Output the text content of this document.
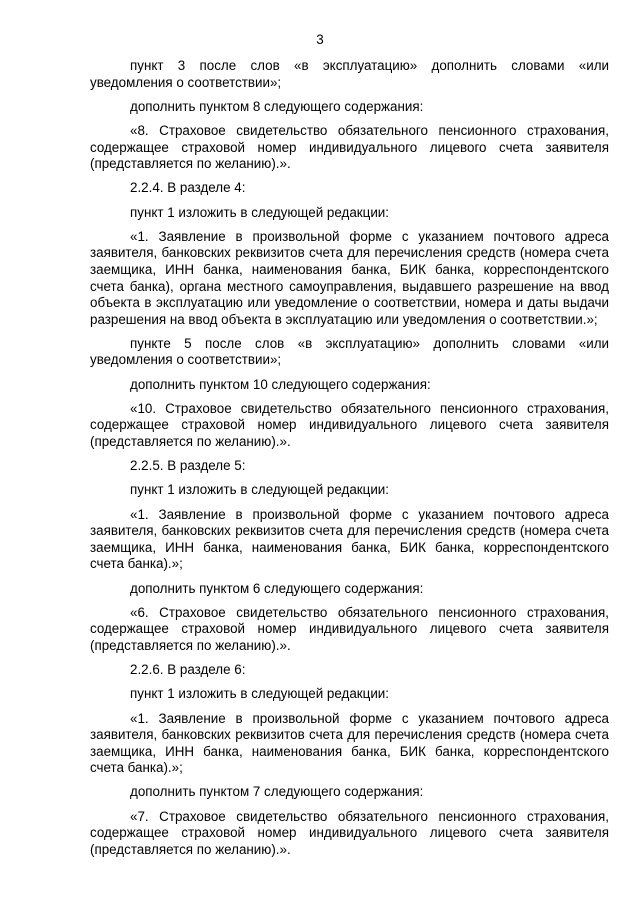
3

пункт 3 после слов «в эксплуатацию» дополнить словами «или уведомления о соответствии»;

дополнить пунктом 8 следующего содержания:

«8. Страховое свидетельство обязательного пенсионного страхования, содержащее страховой номер индивидуального лицевого счета заявителя (представляется по желанию).».

2.2.4. В разделе 4:

пункт 1 изложить в следующей редакции:

«1. Заявление в произвольной форме с указанием почтового адреса заявителя, банковских реквизитов счета для перечисления средств (номера счета заемщика, ИНН банка, наименования банка, БИК банка, корреспондентского счета банка), органа местного самоуправления, выдавшего разрешение на ввод объекта в эксплуатацию или уведомление о соответствии, номера и даты выдачи разрешения на ввод объекта в эксплуатацию или уведомления о соответствии.»;

пункте 5 после слов «в эксплуатацию» дополнить словами «или уведомления о соответствии»;

дополнить пунктом 10 следующего содержания:

«10. Страховое свидетельство обязательного пенсионного страхования, содержащее страховой номер индивидуального лицевого счета заявителя (представляется по желанию).».

2.2.5. В разделе 5:

пункт 1 изложить в следующей редакции:

«1. Заявление в произвольной форме с указанием почтового адреса заявителя, банковских реквизитов счета для перечисления средств (номера счета заемщика, ИНН банка, наименования банка, БИК банка, корреспондентского счета банка).»;

дополнить пунктом 6 следующего содержания:

«6. Страховое свидетельство обязательного пенсионного страхования, содержащее страховой номер индивидуального лицевого счета заявителя (представляется по желанию).».

2.2.6. В разделе 6:

пункт 1 изложить в следующей редакции:

«1. Заявление в произвольной форме с указанием почтового адреса заявителя, банковских реквизитов счета для перечисления средств (номера счета заемщика, ИНН банка, наименования банка, БИК банка, корреспондентского счета банка).»;

дополнить пунктом 7 следующего содержания:

«7. Страховое свидетельство обязательного пенсионного страхования, содержащее страховой номер индивидуального лицевого счета заявителя (представляется по желанию).».
